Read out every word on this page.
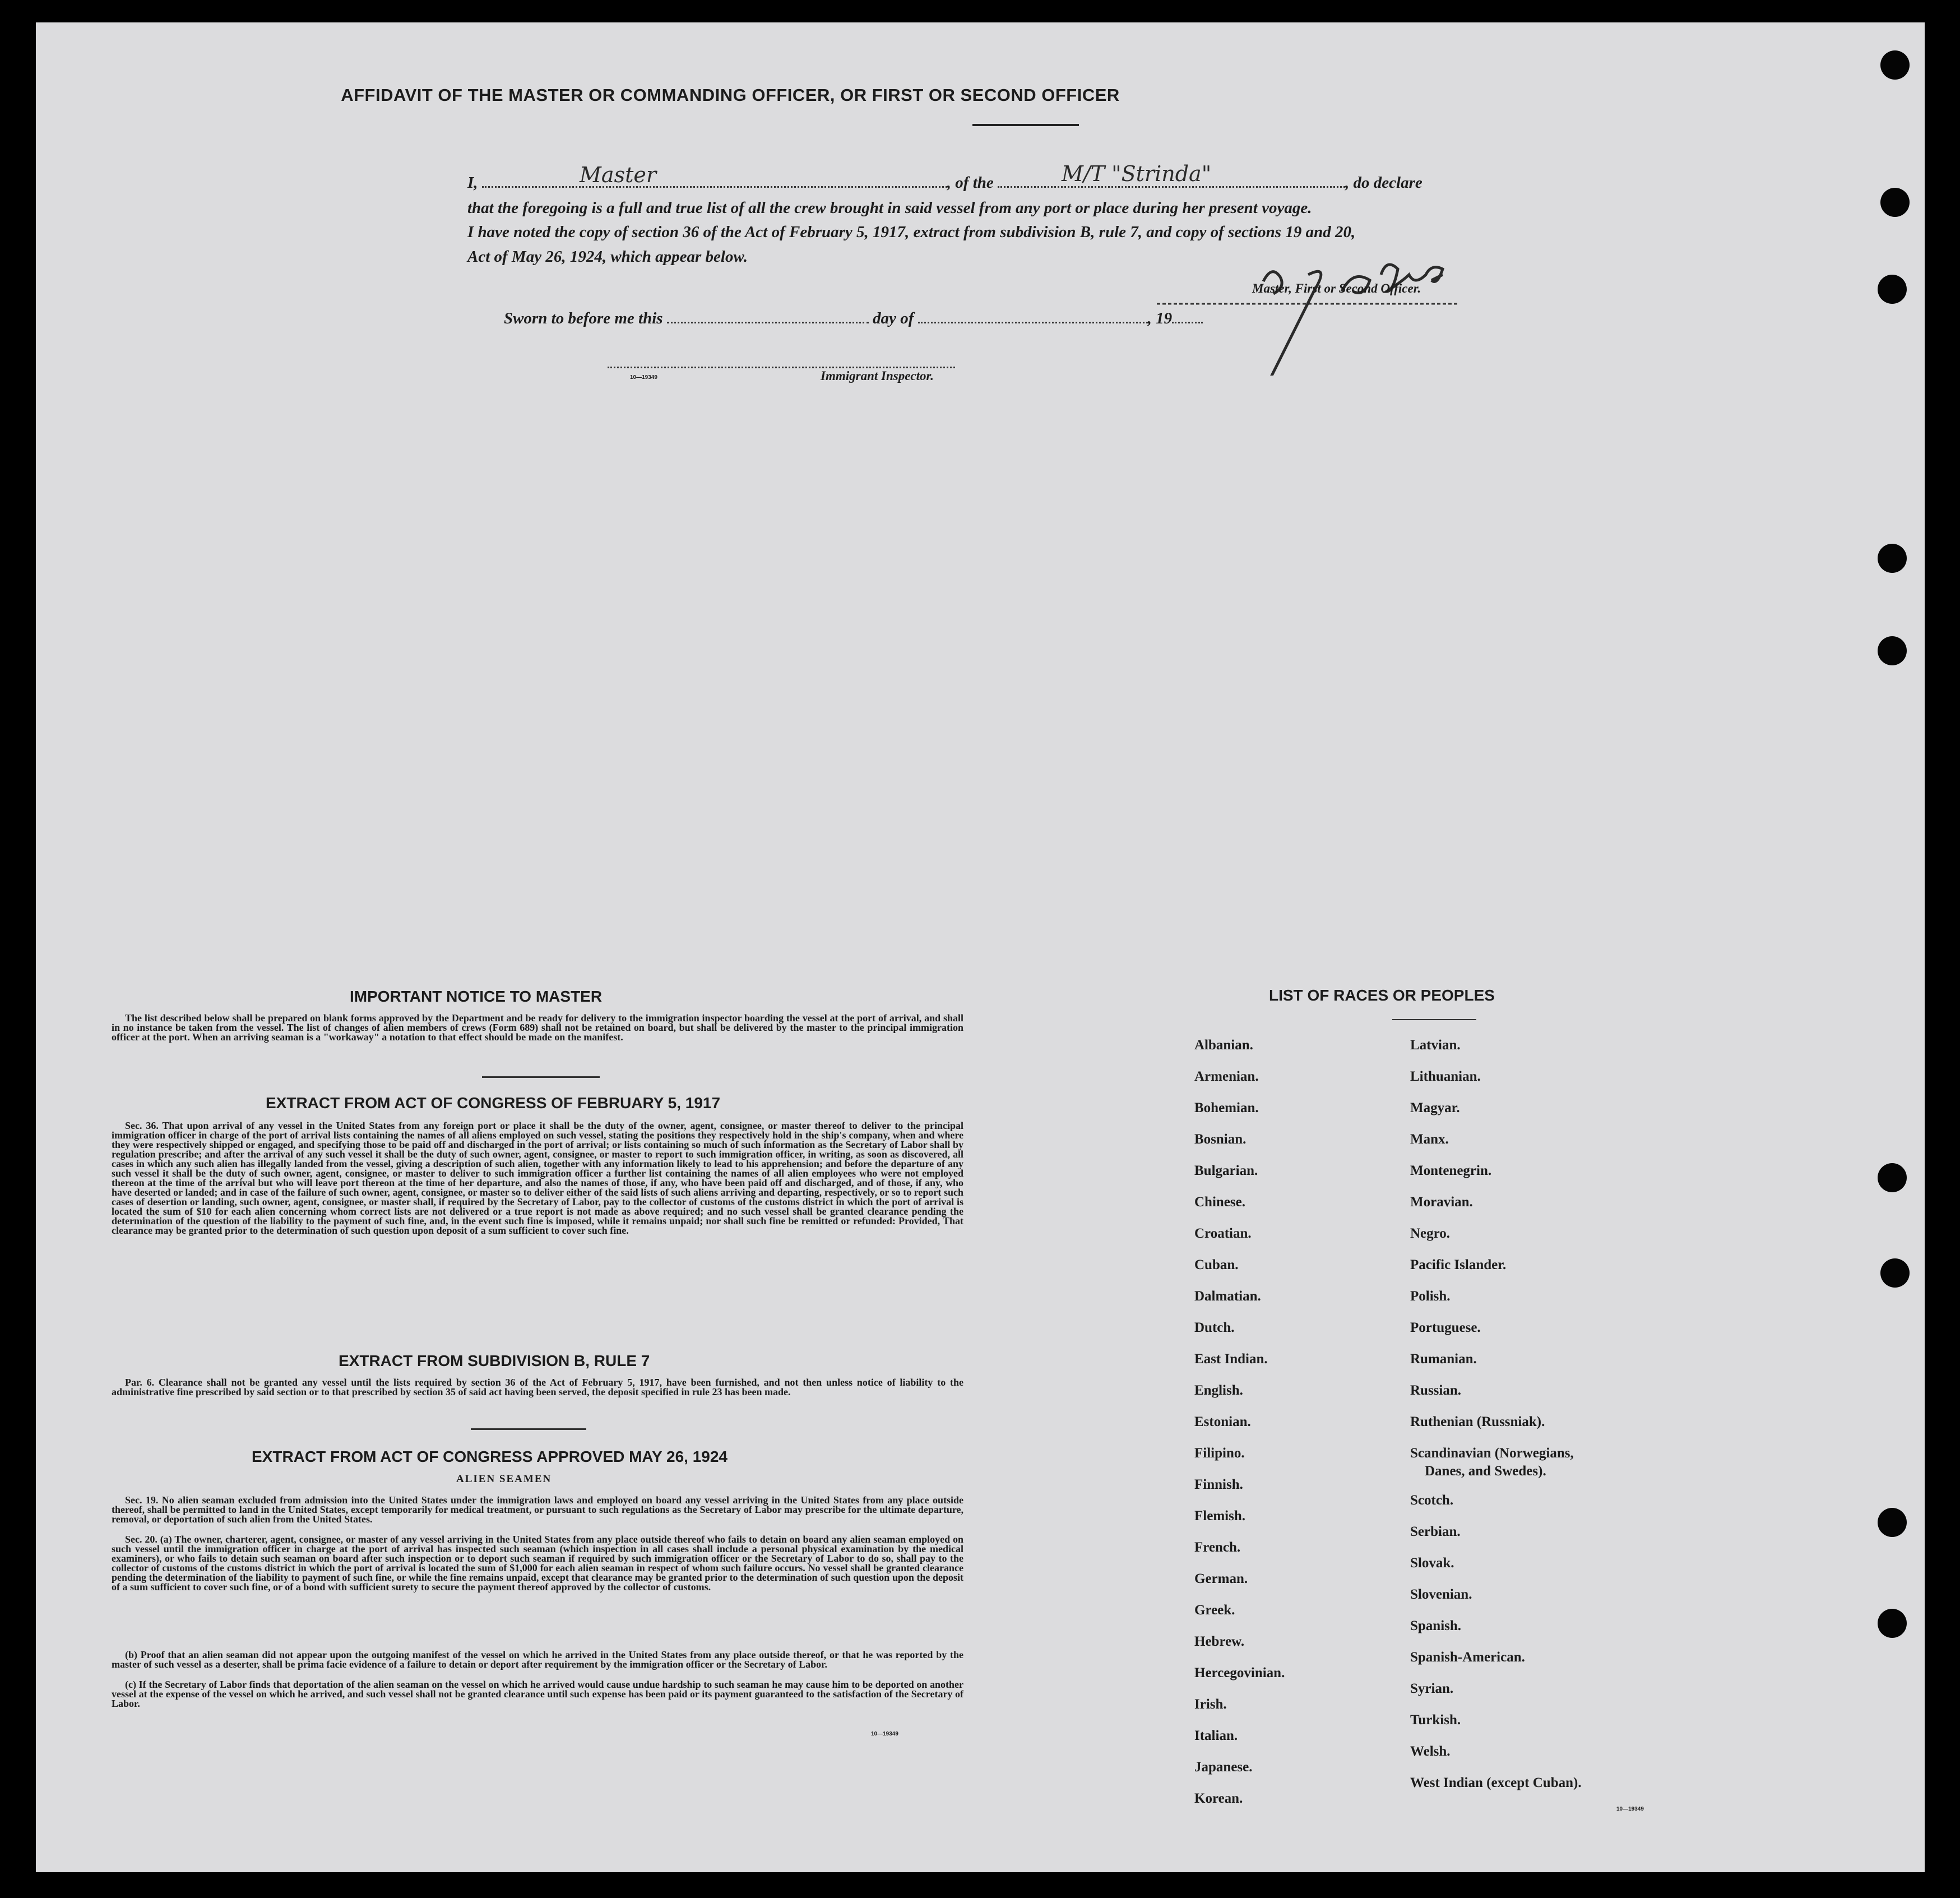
AFFIDAVIT OF THE MASTER OR COMMANDING OFFICER, OR FIRST OR SECOND OFFICER
I,	, of the	, do declare
Master	M/T "Strinda"
that the foregoing is a full and true list of all the crew brought in said vessel from any port or place during her present voyage.
I have noted the copy of section 36 of the Act of February 5, 1917, extract from subdivision B, rule 7, and copy of sections 19 and 20,
Act of May 26, 1924, which appear below.
Master, First or Second Officer.
Sworn to before me this	day of	, 19
10—19349	Immigrant Inspector.
IMPORTANT NOTICE TO MASTER
The list described below shall be prepared on blank forms approved by the Department and be ready for delivery to the immigration inspector boarding the vessel at the port of arrival, and shall in no instance be taken from the vessel. The list of changes of alien members of crews (Form 689) shall not be retained on board, but shall be delivered by the master to the principal immigration officer at the port. When an arriving seaman is a "workaway" a notation to that effect should be made on the manifest.
EXTRACT FROM ACT OF CONGRESS OF FEBRUARY 5, 1917
Sec. 36. That upon arrival of any vessel in the United States from any foreign port or place it shall be the duty of the owner, agent, consignee, or master thereof to deliver to the principal immigration officer in charge of the port of arrival lists containing the names of all aliens employed on such vessel, stating the positions they respectively hold in the ship's company, when and where they were respectively shipped or engaged, and specifying those to be paid off and discharged in the port of arrival; or lists containing so much of such information as the Secretary of Labor shall by regulation prescribe; and after the arrival of any such vessel it shall be the duty of such owner, agent, consignee, or master to report to such immigration officer, in writing, as soon as discovered, all cases in which any such alien has illegally landed from the vessel, giving a description of such alien, together with any information likely to lead to his apprehension; and before the departure of any such vessel it shall be the duty of such owner, agent, consignee, or master to deliver to such immigration officer a further list containing the names of all alien employees who were not employed thereon at the time of the arrival but who will leave port thereon at the time of her departure, and also the names of those, if any, who have been paid off and discharged, and of those, if any, who have deserted or landed; and in case of the failure of such owner, agent, consignee, or master so to deliver either of the said lists of such aliens arriving and departing, respectively, or so to report such cases of desertion or landing, such owner, agent, consignee, or master shall, if required by the Secretary of Labor, pay to the collector of customs of the customs district in which the port of arrival is located the sum of $10 for each alien concerning whom correct lists are not delivered or a true report is not made as above required; and no such vessel shall be granted clearance pending the determination of the question of the liability to the payment of such fine, and, in the event such fine is imposed, while it remains unpaid; nor shall such fine be remitted or refunded: Provided, That clearance may be granted prior to the determination of such question upon deposit of a sum sufficient to cover such fine.
EXTRACT FROM SUBDIVISION B, RULE 7
Par. 6. Clearance shall not be granted any vessel until the lists required by section 36 of the Act of February 5, 1917, have been furnished, and not then unless notice of liability to the administrative fine prescribed by said section or to that prescribed by section 35 of said act having been served, the deposit specified in rule 23 has been made.
EXTRACT FROM ACT OF CONGRESS APPROVED MAY 26, 1924
ALIEN SEAMEN
Sec. 19. No alien seaman excluded from admission into the United States under the immigration laws and employed on board any vessel arriving in the United States from any place outside thereof, shall be permitted to land in the United States, except temporarily for medical treatment, or pursuant to such regulations as the Secretary of Labor may prescribe for the ultimate departure, removal, or deportation of such alien from the United States.
Sec. 20. (a) The owner, charterer, agent, consignee, or master of any vessel arriving in the United States from any place outside thereof who fails to detain on board any alien seaman employed on such vessel until the immigration officer in charge at the port of arrival has inspected such seaman (which inspection in all cases shall include a personal physical examination by the medical examiners), or who fails to detain such seaman on board after such inspection or to deport such seaman if required by such immigration officer or the Secretary of Labor to do so, shall pay to the collector of customs of the customs district in which the port of arrival is located the sum of $1,000 for each alien seaman in respect of whom such failure occurs. No vessel shall be granted clearance pending the determination of the liability to payment of such fine, or while the fine remains unpaid, except that clearance may be granted prior to the determination of such question upon the deposit of a sum sufficient to cover such fine, or of a bond with sufficient surety to secure the payment thereof approved by the collector of customs.
(b) Proof that an alien seaman did not appear upon the outgoing manifest of the vessel on which he arrived in the United States from any place outside thereof, or that he was reported by the master of such vessel as a deserter, shall be prima facie evidence of a failure to detain or deport after requirement by the immigration officer or the Secretary of Labor.
(c) If the Secretary of Labor finds that deportation of the alien seaman on the vessel on which he arrived would cause undue hardship to such seaman he may cause him to be deported on another vessel at the expense of the vessel on which he arrived, and such vessel shall not be granted clearance until such expense has been paid or its payment guaranteed to the satisfaction of the Secretary of Labor.
10—19349
LIST OF RACES OR PEOPLES
10—19349
Albanian.
Armenian.
Bohemian.
Bosnian.
Bulgarian.
Chinese.
Croatian.
Cuban.
Dalmatian.
Dutch.
East Indian.
English.
Estonian.
Filipino.
Finnish.
Flemish.
French.
German.
Greek.
Hebrew.
Hercegovinian.
Irish.
Italian.
Japanese.
Korean.
Latvian.
Lithuanian.
Magyar.
Manx.
Montenegrin.
Moravian.
Negro.
Pacific Islander.
Polish.
Portuguese.
Rumanian.
Russian.
Ruthenian (Russniak).
Scandinavian (Norwegians,
Danes, and Swedes).
Scotch.
Serbian.
Slovak.
Slovenian.
Spanish.
Spanish-American.
Syrian.
Turkish.
Welsh.
West Indian (except Cuban).
